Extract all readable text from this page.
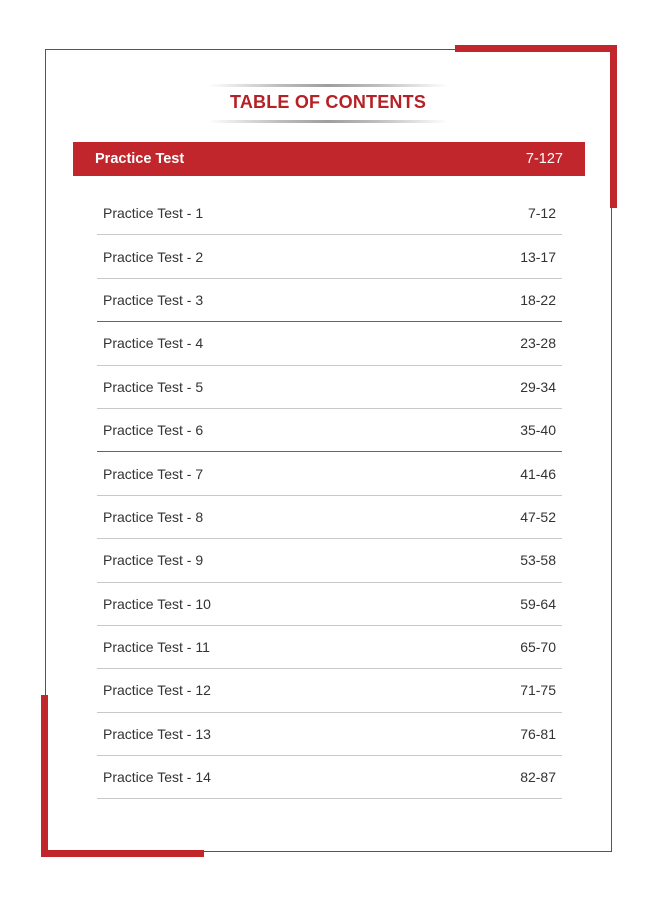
TABLE OF CONTENTS
Practice Test	7-127
Practice Test - 1	7-12
Practice Test - 2	13-17
Practice Test - 3	18-22
Practice Test - 4	23-28
Practice Test - 5	29-34
Practice Test - 6	35-40
Practice Test - 7	41-46
Practice Test - 8	47-52
Practice Test - 9	53-58
Practice Test - 10	59-64
Practice Test - 11	65-70
Practice Test - 12	71-75
Practice Test - 13	76-81
Practice Test - 14	82-87
